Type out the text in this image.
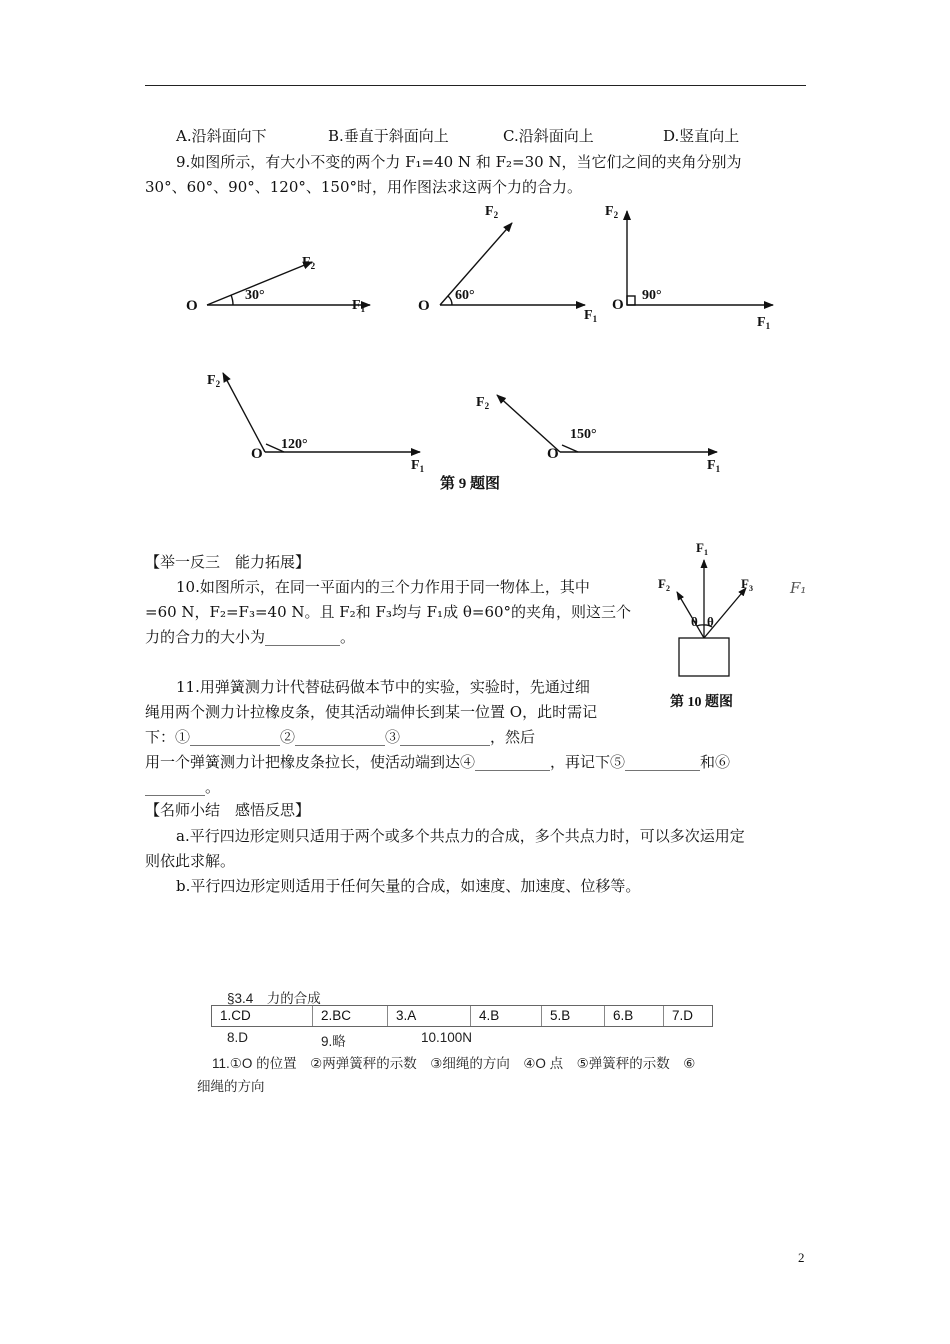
A.沿斜面向下	B.垂直于斜面向上	C.沿斜面向上	D.竖直向上
9.如图所示，有大小不变的两个力 F₁=40 N 和 F₂=30 N，当它们之间的夹角分别为
30°、60°、90°、120°、150°时，用作图法求这两个力的合力。
O
30°
$F_1$
$F_2$
O
60°
$F_1$
$F_2$
O
90°
$F_1$
$F_2$
O
120°
$F_1$
$F_2$
O
150°
$F_1$
$F_2$
第 9 题图
【举一反三　能力拓展】
10.如图所示，在同一平面内的三个力作用于同一物体上，其中
=60 N，F₂=F₃=40 N。且 F₂和 F₃均与 F₁成 θ=60°的夹角，则这三个
力的合力的大小为__________。
F₁
$F_1$
$F_2$	$F_3$
θ θ
第 10 题图
11.用弹簧测力计代替砝码做本节中的实验，实验时，先通过细
绳用两个测力计拉橡皮条，使其活动端伸长到某一位置 O，此时需记
下：①____________②____________③____________，然后
用一个弹簧测力计把橡皮条拉长，使活动端到达④__________，再记下⑤__________和⑥
________。
【名师小结　感悟反思】
a.平行四边形定则只适用于两个或多个共点力的合成，多个共点力时，可以多次运用定
则依此求解。
b.平行四边形定则适用于任何矢量的合成，如速度、加速度、位移等。
§3.4　力的合成
1.CD	2.BC	3.A	4.B	5.B	6.B	7.D
8.D	9.略	10.100N
11.①O 的位置　②两弹簧秤的示数　③细绳的方向　④O 点　⑤弹簧秤的示数　⑥
细绳的方向
2
